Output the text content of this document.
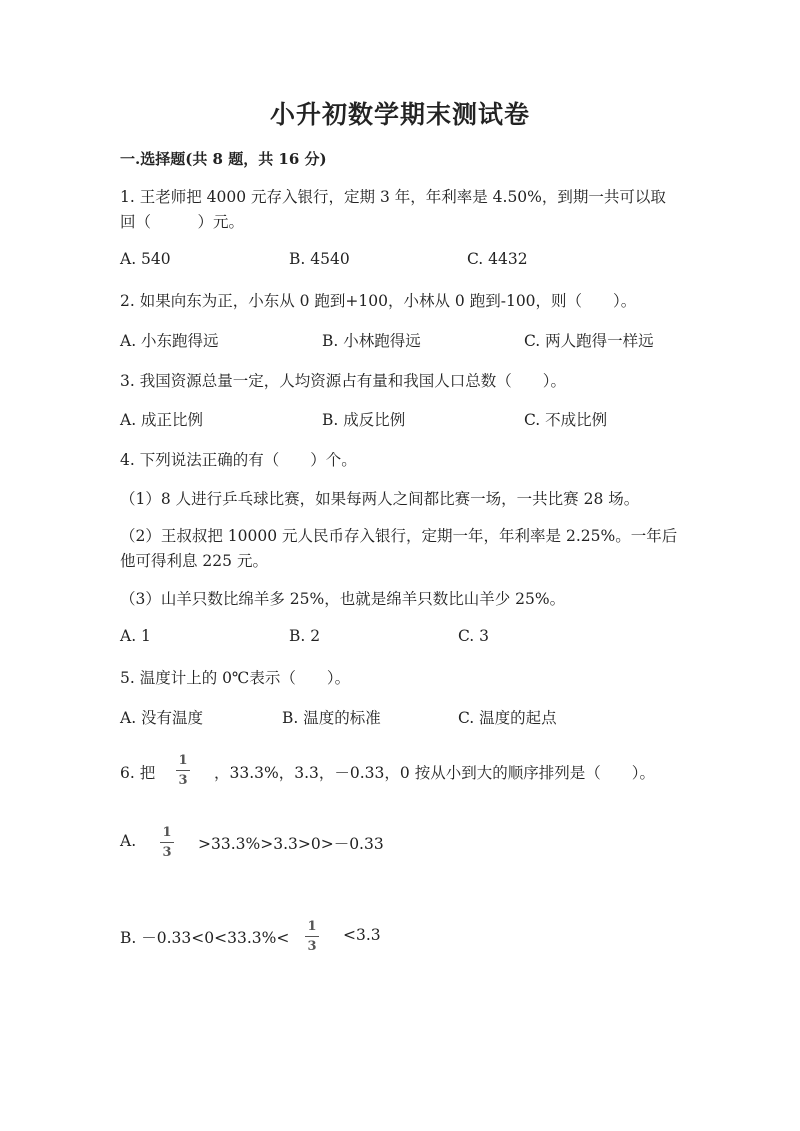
小升初数学期末测试卷
一.选择题(共 8 题，共 16 分)
1. 王老师把 4000 元存入银行，定期 3 年，年利率是 4.50%，到期一共可以取回（　　　）元。
A. 540	B. 4540	C. 4432
2. 如果向东为正，小东从 0 跑到+100，小林从 0 跑到-100，则（　　）。
A. 小东跑得远	B. 小林跑得远	C. 两人跑得一样远
3. 我国资源总量一定，人均资源占有量和我国人口总数（　　）。
A. 成正比例	B. 成反比例	C. 不成比例
4. 下列说法正确的有（　　）个。
（1）8 人进行乒乓球比赛，如果每两人之间都比赛一场，一共比赛 28 场。
（2）王叔叔把 10000 元人民币存入银行，定期一年，年利率是 2.25%。一年后他可得利息 225 元。
（3）山羊只数比绵羊多 25%，也就是绵羊只数比山羊少 25%。
A. 1	B. 2	C. 3
5. 温度计上的 0℃表示（　　）。
A. 没有温度	B. 温度的标准	C. 温度的起点
6. 把
1
3 ，33.3%，3.3，－0.33，0 按从小到大的顺序排列是（　　）。
A. 1
3 >33.3%>3.3>0>－0.33
B. －0.33<0<33.3%<
1
3
<3.3
